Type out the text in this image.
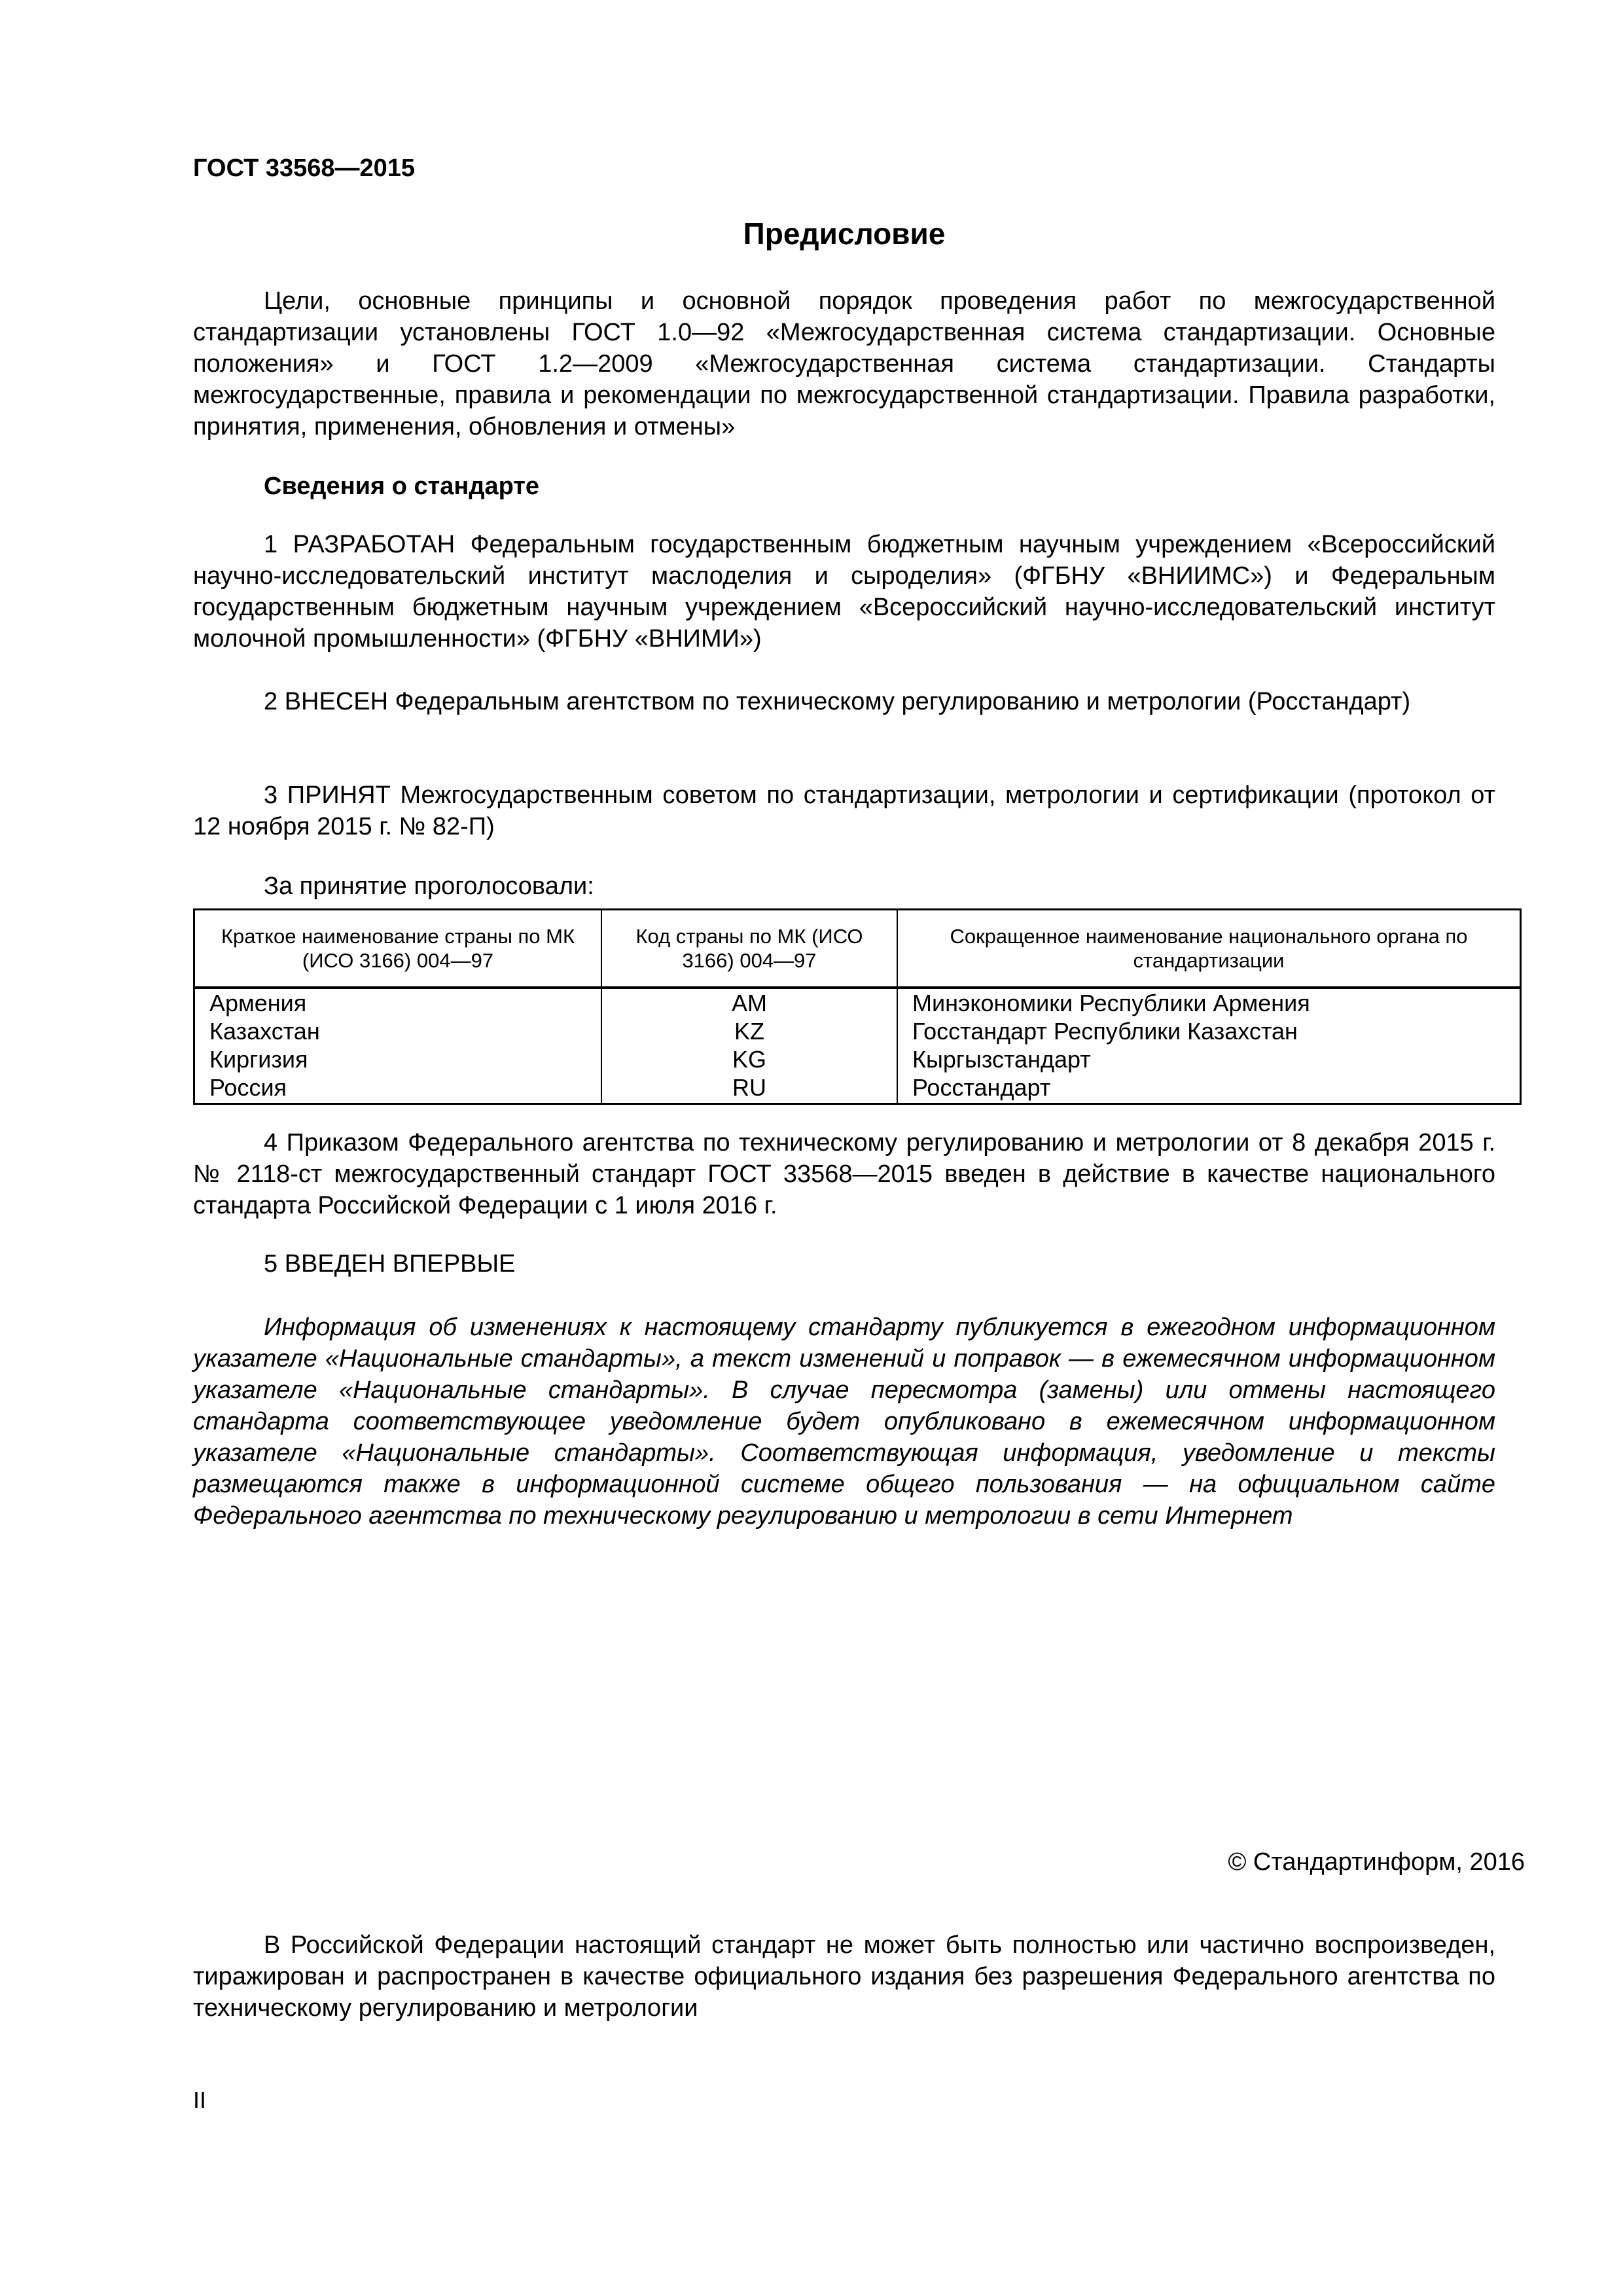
ГОСТ 33568—2015

Предисловие

Цели, основные принципы и основной порядок проведения работ по межгосударственной стандартизации установлены ГОСТ 1.0—92 «Межгосударственная система стандартизации. Основные положения» и ГОСТ 1.2—2009 «Межгосударственная система стандартизации. Стандарты межгосударственные, правила и рекомендации по межгосударственной стандартизации. Правила разработки, принятия, применения, обновления и отмены»

Сведения о стандарте

1 РАЗРАБОТАН Федеральным государственным бюджетным научным учреждением «Всероссийский научно-исследовательский институт маслоделия и сыроделия» (ФГБНУ «ВНИИМС») и Федеральным государственным бюджетным научным учреждением «Всероссийский научно-исследовательский институт молочной промышленности» (ФГБНУ «ВНИМИ»)

2 ВНЕСЕН Федеральным агентством по техническому регулированию и метрологии (Росстандарт)

3 ПРИНЯТ Межгосударственным советом по стандартизации, метрологии и сертификации (протокол от 12 ноября 2015 г. № 82-П)

За принятие проголосовали:

Краткое наименование страны по МК (ИСО 3166) 004—97
Код страны по МК (ИСО 3166) 004—97
Сокращенное наименование национального органа по стандартизации
Армения
Казахстан
Киргизия
Россия
AM
KZ
KG
RU
Минэкономики Республики Армения
Госстандарт Республики Казахстан
Кыргызстандарт
Росстандарт

4 Приказом Федерального агентства по техническому регулированию и метрологии от 8 декабря 2015 г. № 2118-ст межгосударственный стандарт ГОСТ 33568—2015 введен в действие в качестве национального стандарта Российской Федерации с 1 июля 2016 г.

5 ВВЕДЕН ВПЕРВЫЕ

Информация об изменениях к настоящему стандарту публикуется в ежегодном информационном указателе «Национальные стандарты», а текст изменений и поправок — в ежемесячном информационном указателе «Национальные стандарты». В случае пересмотра (замены) или отмены настоящего стандарта соответствующее уведомление будет опубликовано в ежемесячном информационном указателе «Национальные стандарты». Соответствующая информация, уведомление и тексты размещаются также в информационной системе общего пользования — на официальном сайте Федерального агентства по техническому регулированию и метрологии в сети Интернет

© Стандартинформ, 2016

В Российской Федерации настоящий стандарт не может быть полностью или частично воспроизведен, тиражирован и распространен в качестве официального издания без разрешения Федерального агентства по техническому регулированию и метрологии

II
